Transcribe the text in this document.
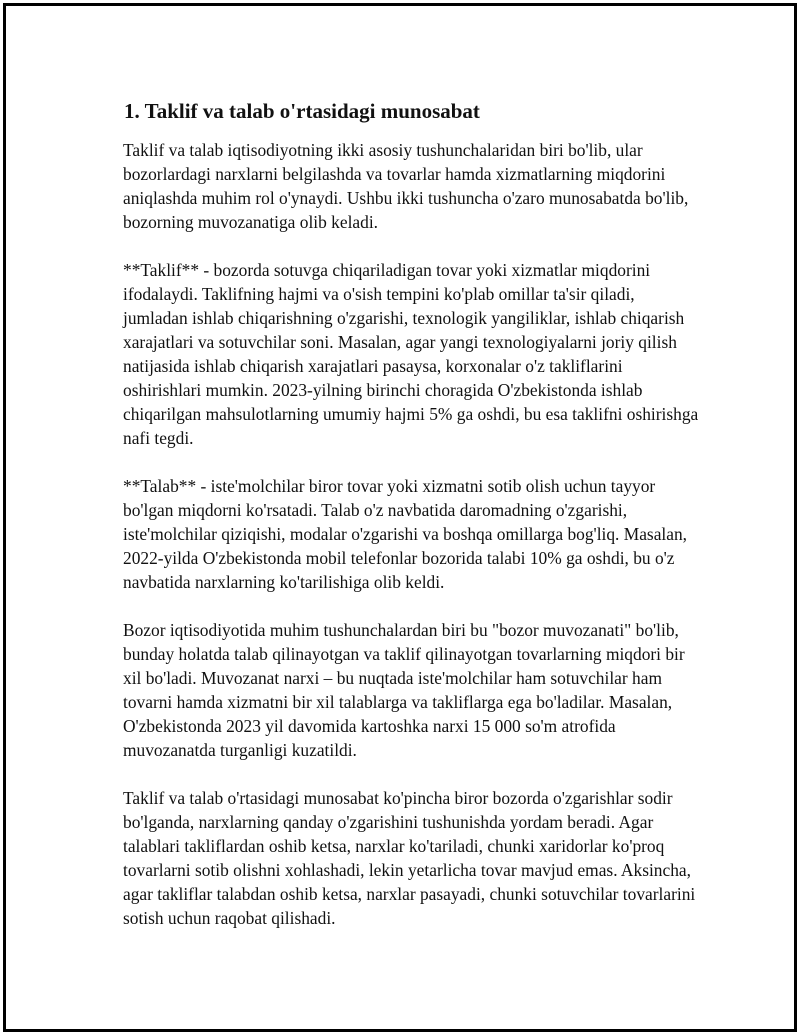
1. Taklif va talab o'rtasidagi munosabat

Taklif va talab iqtisodiyotning ikki asosiy tushunchalaridan biri bo'lib, ular bozorlardagi narxlarni belgilashda va tovarlar hamda xizmatlarning miqdorini aniqlashda muhim rol o'ynaydi. Ushbu ikki tushuncha o'zaro munosabatda bo'lib, bozorning muvozanatiga olib keladi.

**Taklif** - bozorda sotuvga chiqariladigan tovar yoki xizmatlar miqdorini ifodalaydi. Taklifning hajmi va o'sish tempini ko'plab omillar ta'sir qiladi, jumladan ishlab chiqarishning o'zgarishi, texnologik yangiliklar, ishlab chiqarish xarajatlari va sotuvchilar soni. Masalan, agar yangi texnologiyalarni joriy qilish natijasida ishlab chiqarish xarajatlari pasaysa, korxonalar o'z takliflarini oshirishlari mumkin. 2023-yilning birinchi choragida O'zbekistonda ishlab chiqarilgan mahsulotlarning umumiy hajmi 5% ga oshdi, bu esa taklifni oshirishga nafi tegdi.

**Talab** - iste'molchilar biror tovar yoki xizmatni sotib olish uchun tayyor bo'lgan miqdorni ko'rsatadi. Talab o'z navbatida daromadning o'zgarishi, iste'molchilar qiziqishi, modalar o'zgarishi va boshqa omillarga bog'liq. Masalan, 2022-yilda O'zbekistonda mobil telefonlar bozorida talabi 10% ga oshdi, bu o'z navbatida narxlarning ko'tarilishiga olib keldi.

Bozor iqtisodiyotida muhim tushunchalardan biri bu "bozor muvozanati" bo'lib, bunday holatda talab qilinayotgan va taklif qilinayotgan tovarlarning miqdori bir xil bo'ladi. Muvozanat narxi – bu nuqtada iste'molchilar ham sotuvchilar ham tovarni hamda xizmatni bir xil talablarga va takliflarga ega bo'ladilar. Masalan, O'zbekistonda 2023 yil davomida kartoshka narxi 15 000 so'm atrofida muvozanatda turganligi kuzatildi.

Taklif va talab o'rtasidagi munosabat ko'pincha biror bozorda o'zgarishlar sodir bo'lganda, narxlarning qanday o'zgarishini tushunishda yordam beradi. Agar talablari takliflardan oshib ketsa, narxlar ko'tariladi, chunki xaridorlar ko'proq tovarlarni sotib olishni xohlashadi, lekin yetarlicha tovar mavjud emas. Aksincha, agar takliflar talabdan oshib ketsa, narxlar pasayadi, chunki sotuvchilar tovarlarini sotish uchun raqobat qilishadi.
